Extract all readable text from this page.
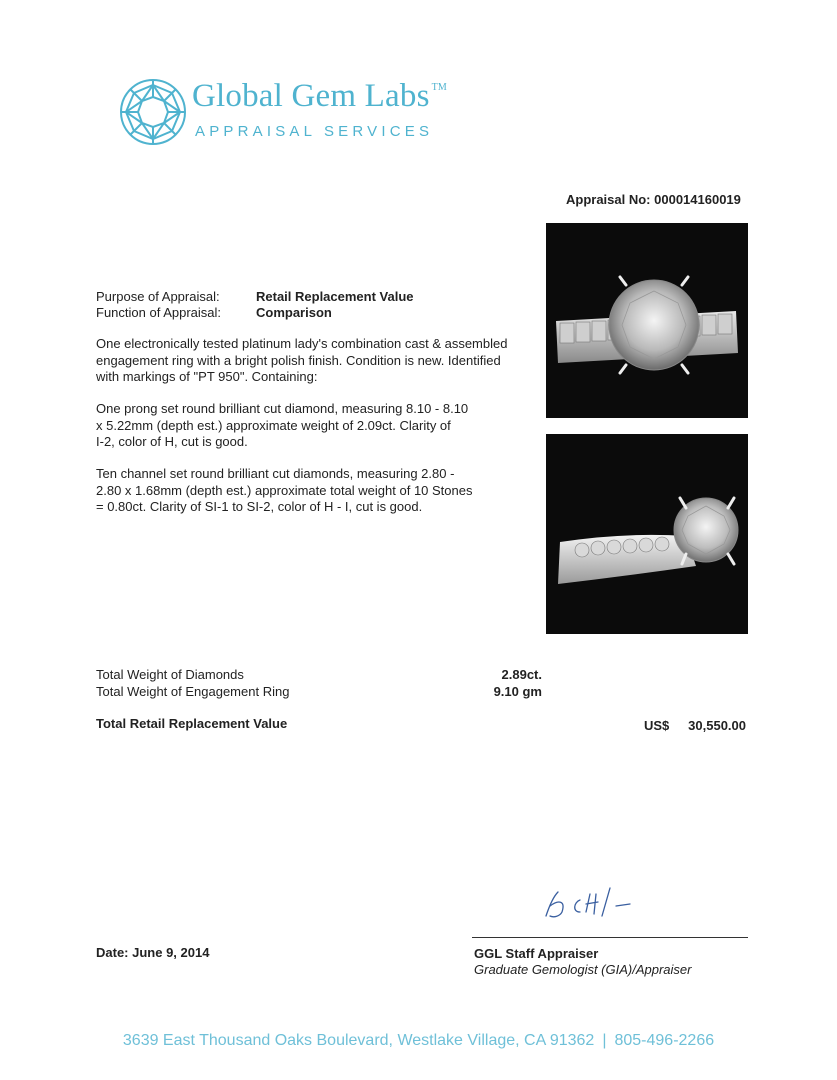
Global Gem Labs ™
APPRAISAL SERVICES
Appraisal No: 000014160019
Purpose of Appraisal:	Retail Replacement Value
Function of Appraisal:	Comparison
One electronically tested platinum lady's combination cast & assembled
engagement ring with a bright polish finish. Condition is new. Identified
with markings of "PT 950". Containing:
One prong set round brilliant cut diamond, measuring 8.10 - 8.10
x 5.22mm (depth est.) approximate weight of 2.09ct. Clarity of
I-2, color of H, cut is good.
Ten channel set round brilliant cut diamonds, measuring 2.80 -
2.80 x 1.68mm (depth est.) approximate total weight of 10 Stones
= 0.80ct. Clarity of SI-1 to SI-2, color of H - I, cut is good.
Total Weight of Diamonds	2.89ct.
Total Weight of Engagement Ring	9.10 gm
Total Retail Replacement Value	US$	30,550.00
Date: June 9, 2014	GGL Staff Appraiser
Graduate Gemologist (GIA)/Appraiser
3639 East Thousand Oaks Boulevard, Westlake Village, CA 91362 | 805-496-2266
